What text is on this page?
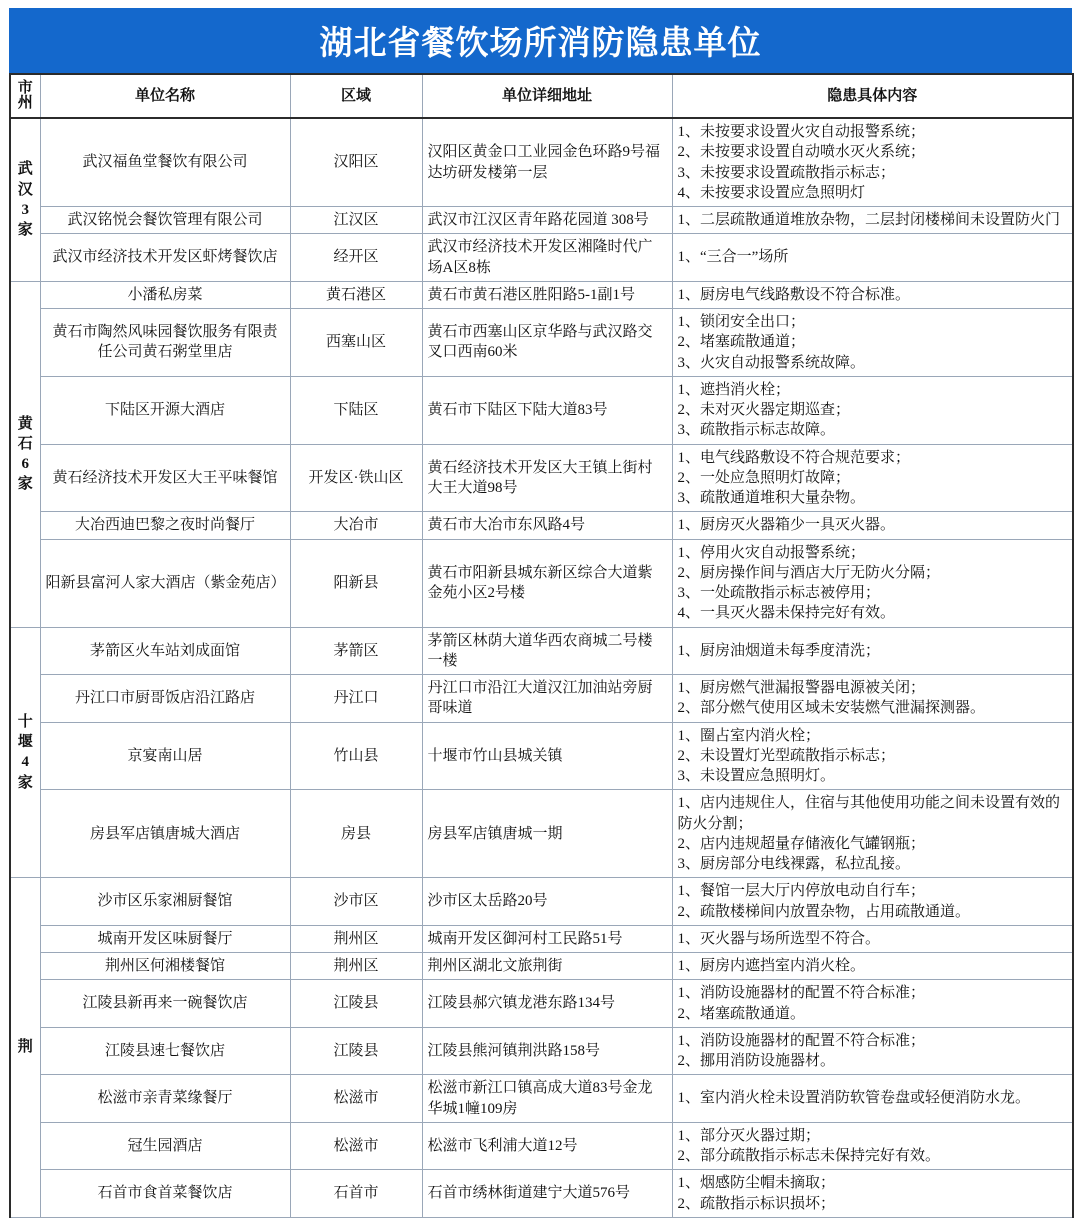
湖北省餐饮场所消防隐患单位
市州	单位名称	区域	单位详细地址	隐患具体内容

武
汉
3
家	武汉福鱼堂餐饮有限公司	汉阳区	汉阳区黄金口工业园金色环路9号福达坊研发楼第一层	1、未按要求设置火灾自动报警系统；
2、未按要求设置自动喷水灭火系统；
3、未按要求设置疏散指示标志；
4、未按要求设置应急照明灯

	武汉铭悦会餐饮管理有限公司	江汉区	武汉市江汉区青年路花园道 308号	1、二层疏散通道堆放杂物，二层封闭楼梯间未设置防火门

	武汉市经济技术开发区虾烤餐饮店	经开区	武汉市经济技术开发区湘隆时代广场A区8栋	1、“三合一”场所

黄
石
6
家	小潘私房菜	黄石港区	黄石市黄石港区胜阳路5-1副1号	1、厨房电气线路敷设不符合标准。

	黄石市陶然风味园餐饮服务有限责任公司黄石粥堂里店	西塞山区	黄石市西塞山区京华路与武汉路交叉口西南60米	1、锁闭安全出口；
2、堵塞疏散通道；
3、火灾自动报警系统故障。

	下陆区开源大酒店	下陆区	黄石市下陆区下陆大道83号	1、遮挡消火栓；
2、未对灭火器定期巡查；
3、疏散指示标志故障。

	黄石经济技术开发区大王平味餐馆	开发区·铁山区	黄石经济技术开发区大王镇上街村大王大道98号	1、电气线路敷设不符合规范要求；
2、一处应急照明灯故障；
3、疏散通道堆积大量杂物。

	大冶西迪巴黎之夜时尚餐厅	大冶市	黄石市大冶市东风路4号	1、厨房灭火器箱少一具灭火器。

	阳新县富河人家大酒店（紫金苑店）	阳新县	黄石市阳新县城东新区综合大道紫金苑小区2号楼	1、停用火灾自动报警系统；
2、厨房操作间与酒店大厅无防火分隔；
3、一处疏散指示标志被停用；
4、一具灭火器未保持完好有效。

十
堰
4
家	茅箭区火车站刘成面馆	茅箭区	茅箭区林荫大道华西农商城二号楼一楼	1、厨房油烟道未每季度清洗；

	丹江口市厨哥饭店沿江路店	丹江口	丹江口市沿江大道汉江加油站旁厨哥味道	1、厨房燃气泄漏报警器电源被关闭；
2、部分燃气使用区域未安装燃气泄漏探测器。

	京宴南山居	竹山县	十堰市竹山县城关镇	1、圈占室内消火栓；
2、未设置灯光型疏散指示标志；
3、未设置应急照明灯。

	房县军店镇唐城大酒店	房县	房县军店镇唐城一期	1、店内违规住人，住宿与其他使用功能之间未设置有效的防火分割；
2、店内违规超量存储液化气罐钢瓶；
3、厨房部分电线裸露，私拉乱接。

荆	沙市区乐家湘厨餐馆	沙市区	沙市区太岳路20号	1、餐馆一层大厅内停放电动自行车；
2、疏散楼梯间内放置杂物，占用疏散通道。

	城南开发区味厨餐厅	荆州区	城南开发区御河村工民路51号	1、灭火器与场所选型不符合。

	荆州区何湘楼餐馆	荆州区	荆州区湖北文旅荆街	1、厨房内遮挡室内消火栓。

	江陵县新再来一碗餐饮店	江陵县	江陵县郝穴镇龙港东路134号	1、消防设施器材的配置不符合标准；
2、堵塞疏散通道。

	江陵县速七餐饮店	江陵县	江陵县熊河镇荆洪路158号	1、消防设施器材的配置不符合标准；
2、挪用消防设施器材。

	松滋市亲青菜缘餐厅	松滋市	松滋市新江口镇高成大道83号金龙华城1幢109房	1、室内消火栓未设置消防软管卷盘或轻便消防水龙。

	冠生园酒店	松滋市	松滋市飞利浦大道12号	1、部分灭火器过期；
2、部分疏散指示标志未保持完好有效。

	石首市食首菜餐饮店	石首市	石首市绣林街道建宁大道576号	1、烟感防尘帽未摘取；
2、疏散指示标识损坏；
